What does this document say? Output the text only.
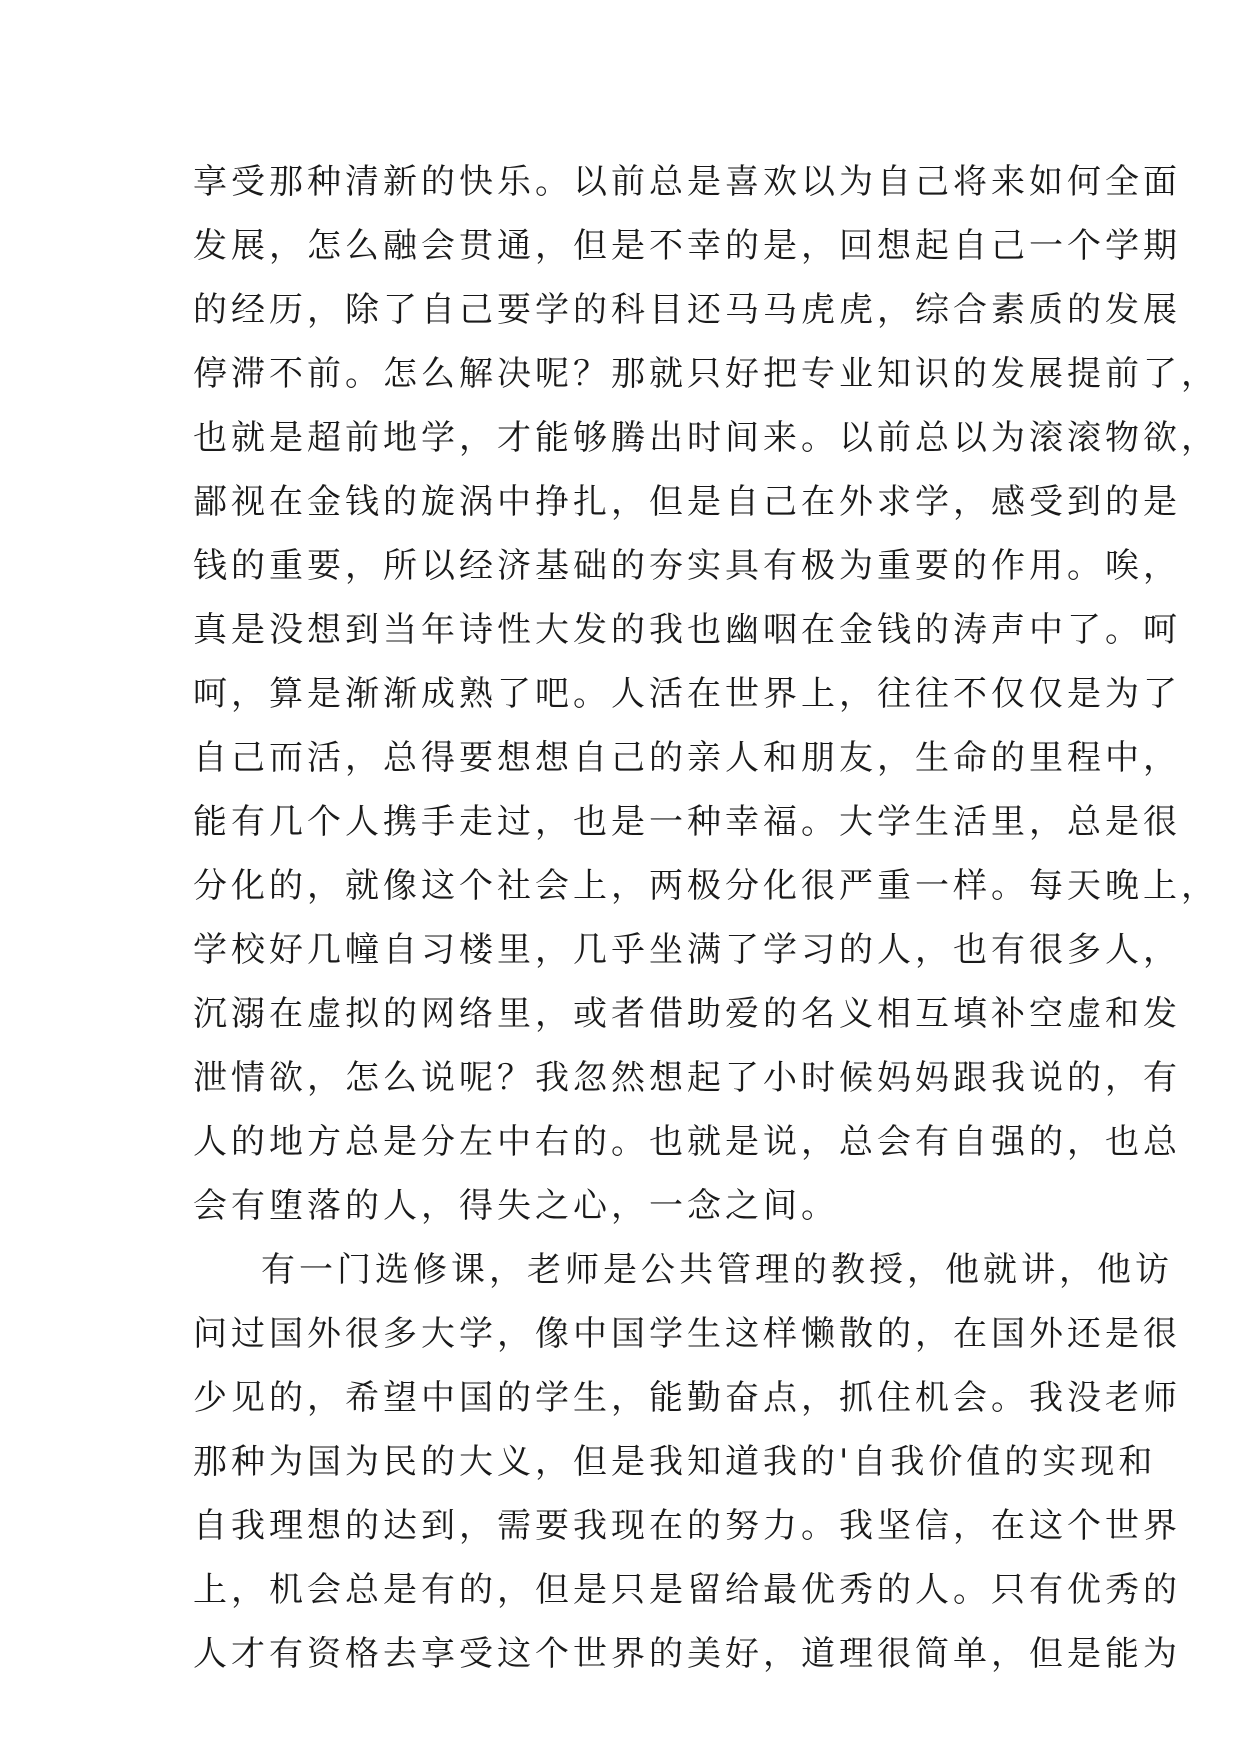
享受那种清新的快乐。以前总是喜欢以为自己将来如何全面
发展，怎么融会贯通，但是不幸的是，回想起自己一个学期
的经历，除了自己要学的科目还马马虎虎，综合素质的发展
停滞不前。怎么解决呢？那就只好把专业知识的发展提前了，
也就是超前地学，才能够腾出时间来。以前总以为滚滚物欲，
鄙视在金钱的旋涡中挣扎，但是自己在外求学，感受到的是
钱的重要，所以经济基础的夯实具有极为重要的作用。唉，
真是没想到当年诗性大发的我也幽咽在金钱的涛声中了。呵
呵，算是渐渐成熟了吧。人活在世界上，往往不仅仅是为了
自己而活，总得要想想自己的亲人和朋友，生命的里程中，
能有几个人携手走过，也是一种幸福。大学生活里，总是很
分化的，就像这个社会上，两极分化很严重一样。每天晚上，
学校好几幢自习楼里，几乎坐满了学习的人，也有很多人，
沉溺在虚拟的网络里，或者借助爱的名义相互填补空虚和发
泄情欲，怎么说呢？我忽然想起了小时候妈妈跟我说的，有
人的地方总是分左中右的。也就是说，总会有自强的，也总
会有堕落的人，得失之心，一念之间。
有一门选修课，老师是公共管理的教授，他就讲，他访
问过国外很多大学，像中国学生这样懒散的，在国外还是很
少见的，希望中国的学生，能勤奋点，抓住机会。我没老师
那种为国为民的大义，但是我知道我的'自我价值的实现和
自我理想的达到，需要我现在的努力。我坚信，在这个世界
上，机会总是有的，但是只是留给最优秀的人。只有优秀的
人才有资格去享受这个世界的美好，道理很简单，但是能为
